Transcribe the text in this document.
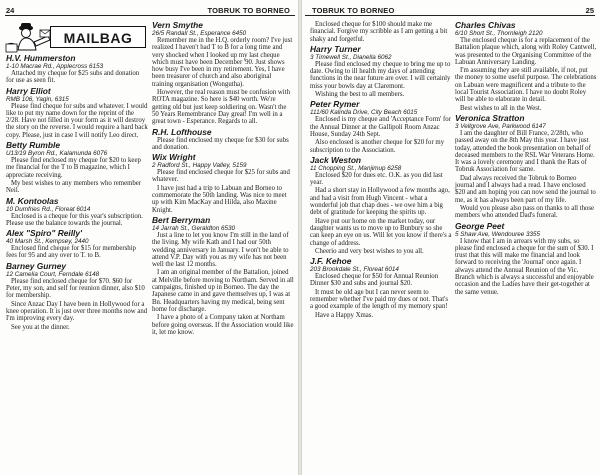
24	TOBRUK TO BORNEO
MAILBAG
H.V. Hummerston
1-10 Macrae Rd., Applecross 6153

Attached my cheque for $25 subs and donation for use as seen fit.

Harry Elliot
RMB 106, Yagin, 6315

Please find cheque for subs and whatever. I would like to put my name down for the reprint of the 2/28. Have not filled in your form as it will destroy the story on the reverse. I would require a hard back copy. Please, just in case I will notify Leo direct.

Betty Rumble
U13/19 Byron Rd., Kalamunda 6076

Please find enclosed my cheque for $20 to keep me financial for the T to B magazine, which I appreciate receiving.

My best wishes to any members who remember Neil.

M. Kontoolas
10 Dumfries Rd., Floreat 6014

Enclosed is a cheque for this year's subscription. Please use the balance towards the journal.

Alex "Spiro" Reilly'
40 Marsh St., Kempsey, 2440

Enclosed find cheque for $15 for membership fees for 95 and any over to T. to B.

Barney Gurney
12 Camelia Court, Ferndale 6148

Please find enclosed cheque for $70. $60 for Peter, my son, and self for reunion dinner, also $10 for membership.

Since Anzac Day I have been in Hollywood for a knee operation. It is just over three months now and I'm improving every day.

See you at the dinner.

Vern Smythe
26/5 Randall St., Esperance 6450

Remember me in the H.Q. orderly room? I've just realized I haven't had T to B for a long time and very shocked when I looked up my last cheque which must have been December '90. Just shows how busy I've been in my retirement. Yes, I have been treasurer of church and also aboriginal training organisation (Wongutha).

However, the real reason must be confusion with ROTA magazine. So here is $40 worth. We're getting old but just keep soldiering on. Wasn't the 50 Years Remembrance Day great! I'm well in a great town - Esperance. Regards to all.

R.H. Lofthouse

Please find enclosed my cheque for $30 for subs and donation.

Wix Wright
2 Radford St., Happy Valley, 5159

Please find enclosed cheque for $25 for subs and whatever.

I have just had a trip to Labuan and Borneo to commemorate the 50th landing. Was nice to meet up with Kim MacKay and Hilda, also Maxine Knight.

Bert Berryman
14 Jarrah St., Geraldton 6530

Just a line to let you know I'm still in the land of the living. My wife Kath and I had our 50th wedding anniversary in January. I won't be able to attend V.P. Day with you as my wife has not been well the last 12 months.

I am an original member of the Battalion, joined at Melville before moving to Northam. Served in all campaigns, finished up in Borneo. The day the Japanese came in and gave themselves up, I was at Bn. Headquarters having my medical, being sent home for discharge.

I have a photo of a Company taken at Northam before going overseas. If the Association would like it, let me know.

TOBRUK TO BORNEO	25

Enclosed cheque for $100 should make me financial. Forgive my scribble as I am getting a bit shaky and forgetful.

Harry Turner
3 Timewell St., Dianella 6062

Please find enclosed my cheque to bring me up to date. Owing to ill health my days of attending functions in the near future are over. I will certainly miss your bowls day at Claremont.

Wishing the best to all members.

Peter Rymer
111/60 Kalinda Drive, City Beach 6015

Enclosed is my cheque and 'Acceptance Form' for the Annual Dinner at the Gallipoli Room Anzac House, Sunday 24th Sept.

Also enclosed is another cheque for $20 for my subscription to the Association.

Jack Weston
11 Chopping St., Manjimup 6258

Enclosed $20 for dues etc. O.K. as you did last year.

Had a short stay in Hollywood a few months ago, and had a visit from Hugh Vincent - what a wonderful job that chap does - we owe him a big debt of gratitude for keeping the spirits up.

Have put our home on the market today, our daughter wants us to move up to Bunbury so she can keep an eye on us. Will let you know if there's a change of address.

Cheerio and very best wishes to you all.

J.F. Kehoe
203 Brookdale St., Floreat 6014

Enclosed cheque for $50 for Annual Reunion Dinner $30 and subs and journal $20.

It must be old age but I can never seem to remember whether I've paid my dues or not. That's a good example of the length of my memory span!

Have a Happy Xmas.

Charles Chivas
6/10 Short St., Thornleigh 2120

The enclosed cheque is for a replacement of the Battalion plaque which, along with Roley Cantwell, was presented to the Organising Committee of the Labuan Anniversary Landing.

I'm assuming they are still available, if not, put the money to some useful purpose. The celebrations on Labuan were magnificent and a tribute to the local Tourist Association. I have no doubt Roley will be able to elaborate in detail.

Best wishes to all in the West.

Veronica Stratton
3 Vellgrove Ave, Parkwood 6147

I am the daughter of Bill France, 2/28th, who passed away on the 8th May this year. I have just today, attended the book presentation on behalf of deceased members to the RSL War Veterans Home. It was a lovely ceremony and I thank the Rats of Tobruk Association for same.

Dad always received the Tobruk to Borneo journal and I always had a read. I have enclosed $20 and am hoping you can now send the journal to me, as it has always been part of my life.

Would you please also pass on thanks to all those members who attended Dad's funeral.

George Peet
5 Shaw Ave, Wendouree 3355

I know that I am in arrears with my subs, so please find enclosed a cheque for the sum of $30. I trust that this will make me financial and look forward to receiving the 'Journal' once again. I always attend the Annual Reunion of the Vic. Branch which is always a successful and enjoyable occasion and the Ladies have their get-together at the same venue.
